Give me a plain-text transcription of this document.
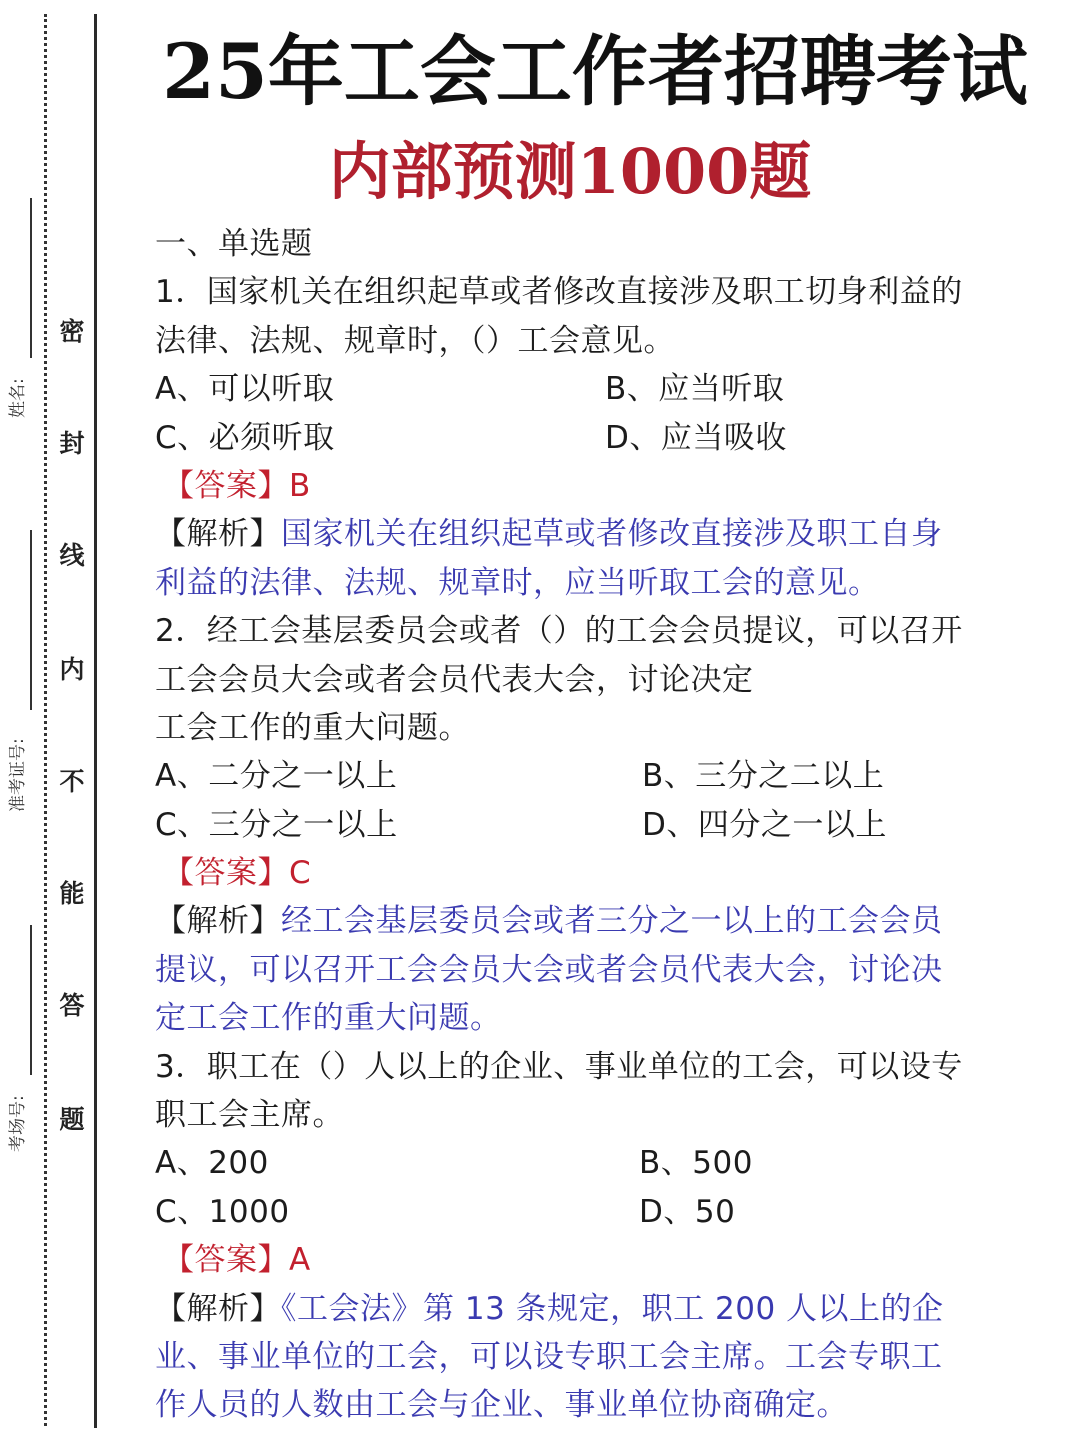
密
封
线
内
不
能
答
题
姓名:
准考证号:
考场号:
25年工会工作者招聘考试
内部预测1000题
一、单选题
1．国家机关在组织起草或者修改直接涉及职工切身利益的
法律、法规、规章时，（）工会意见。
A、可以听取	B、应当听取
C、必须听取	D、应当吸收
【答案】B
【解析】国家机关在组织起草或者修改直接涉及职工自身
利益的法律、法规、规章时，应当听取工会的意见。
2．经工会基层委员会或者（）的工会会员提议，可以召开
工会会员大会或者会员代表大会，讨论决定
工会工作的重大问题。
A、二分之一以上	B、三分之二以上
C、三分之一以上	D、四分之一以上
【答案】C
【解析】经工会基层委员会或者三分之一以上的工会会员
提议，可以召开工会会员大会或者会员代表大会，讨论决
定工会工作的重大问题。
3．职工在（）人以上的企业、事业单位的工会，可以设专
职工会主席。
A、200	B、500
C、1000	D、50
【答案】A
【解析】《工会法》第 13 条规定，职工 200 人以上的企
业、事业单位的工会，可以设专职工会主席。工会专职工
作人员的人数由工会与企业、事业单位协商确定。
